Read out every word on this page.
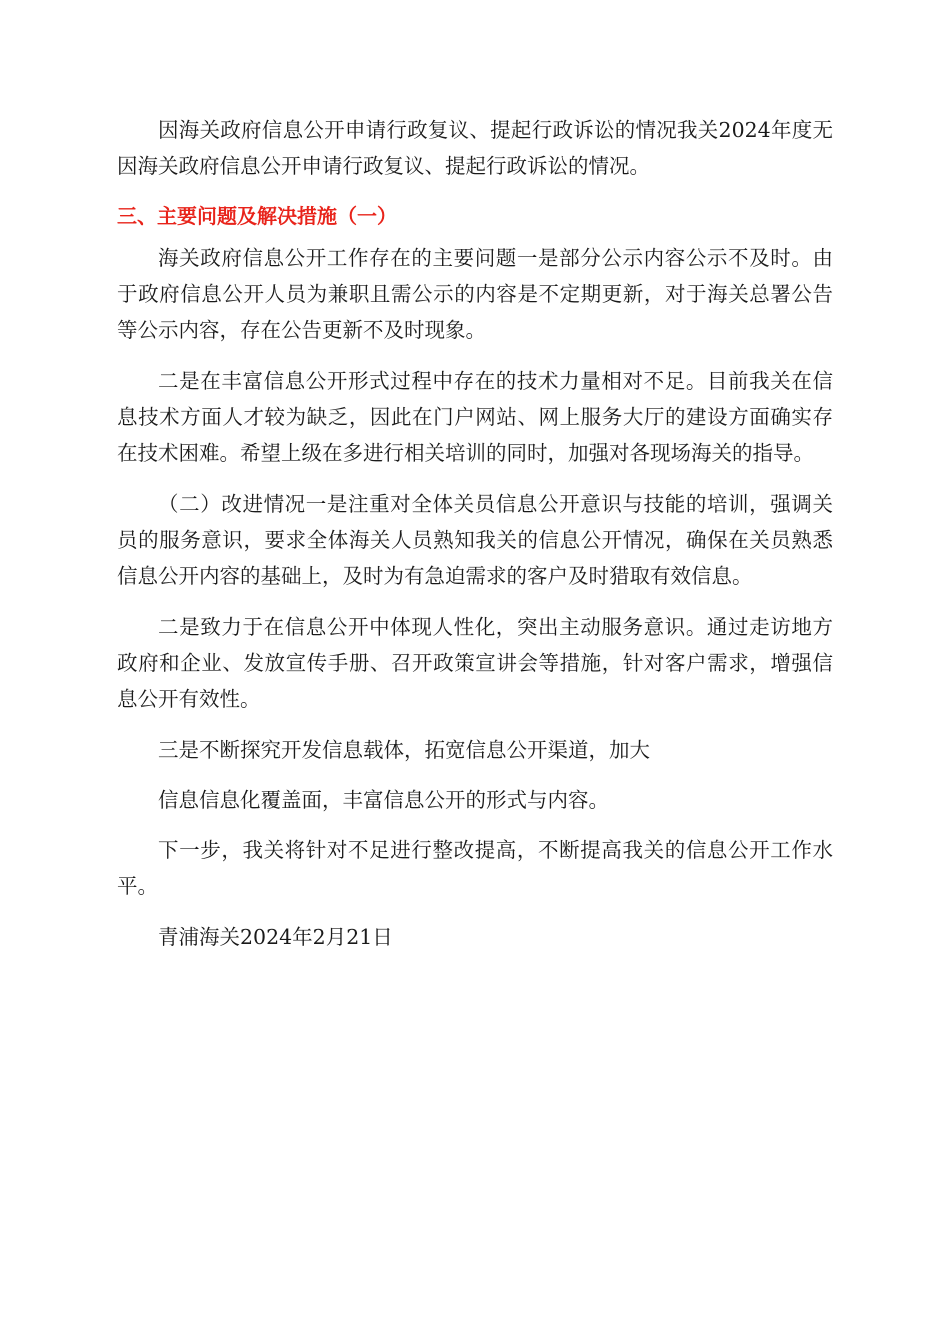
因海关政府信息公开申请行政复议、提起行政诉讼的情况我关2024年度无因海关政府信息公开申请行政复议、提起行政诉讼的情况。

三、主要问题及解决措施（一）

海关政府信息公开工作存在的主要问题一是部分公示内容公示不及时。由于政府信息公开人员为兼职且需公示的内容是不定期更新，对于海关总署公告等公示内容，存在公告更新不及时现象。

二是在丰富信息公开形式过程中存在的技术力量相对不足。目前我关在信息技术方面人才较为缺乏，因此在门户网站、网上服务大厅的建设方面确实存在技术困难。希望上级在多进行相关培训的同时，加强对各现场海关的指导。

（二）改进情况一是注重对全体关员信息公开意识与技能的培训，强调关员的服务意识，要求全体海关人员熟知我关的信息公开情况，确保在关员熟悉信息公开内容的基础上，及时为有急迫需求的客户及时猎取有效信息。

二是致力于在信息公开中体现人性化，突出主动服务意识。通过走访地方政府和企业、发放宣传手册、召开政策宣讲会等措施，针对客户需求，增强信息公开有效性。

三是不断探究开发信息载体，拓宽信息公开渠道，加大

信息信息化覆盖面，丰富信息公开的形式与内容。

下一步，我关将针对不足进行整改提高，不断提高我关的信息公开工作水平。

青浦海关2024年2月21日
